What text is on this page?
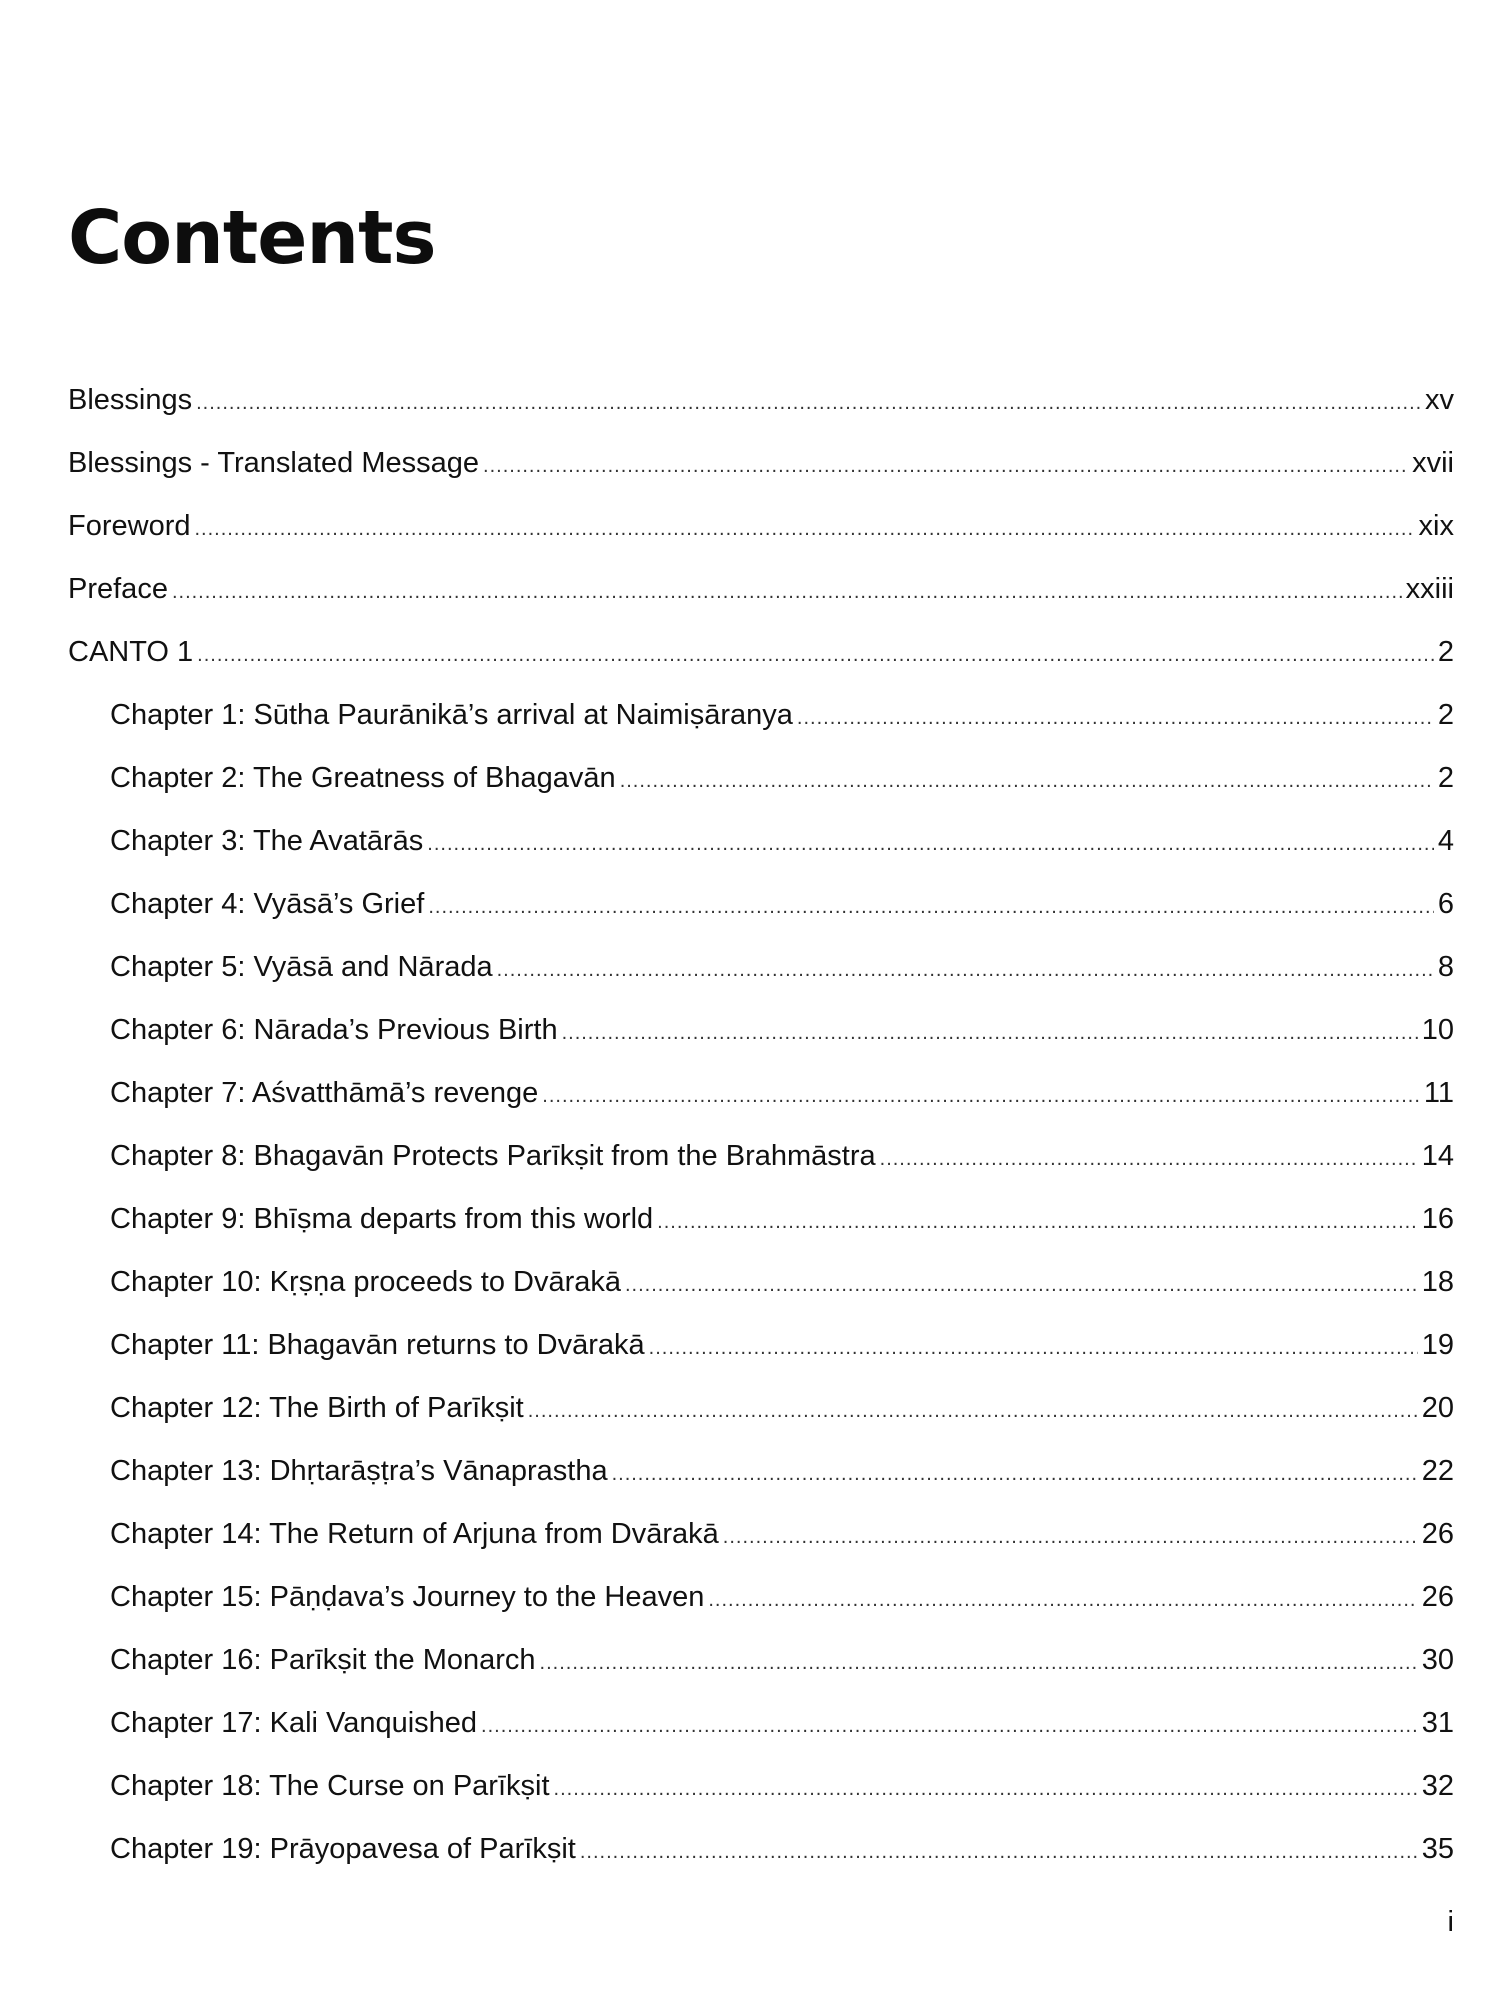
Contents
Blessings .....	xv
Blessings - Translated Message .....	xvii
Foreword .....	xix
Preface .....	xxiii
CANTO 1 .....	2
Chapter 1: Sūtha Paurānikā’s arrival at Naimiṣāranya .....	2
Chapter 2: The Greatness of Bhagavān .....	2
Chapter 3: The Avatārās .....	4
Chapter 4: Vyāsā’s Grief .....	6
Chapter 5: Vyāsā and Nārada .....	8
Chapter 6: Nārada’s Previous Birth .....	10
Chapter 7: Aśvatthāmā’s revenge .....	11
Chapter 8: Bhagavān Protects Parīkṣit from the Brahmāstra .....	14
Chapter 9: Bhīṣma departs from this world .....	16
Chapter 10: Kṛṣṇa proceeds to Dvārakā .....	18
Chapter 11: Bhagavān returns to Dvārakā .....	19
Chapter 12: The Birth of Parīkṣit .....	20
Chapter 13: Dhṛtarāṣṭra’s Vānaprastha .....	22
Chapter 14: The Return of Arjuna from Dvārakā .....	26
Chapter 15: Pāṇḍava’s Journey to the Heaven .....	26
Chapter 16: Parīkṣit the Monarch .....	30
Chapter 17: Kali Vanquished .....	31
Chapter 18: The Curse on Parīkṣit .....	32
Chapter 19: Prāyopavesa of Parīkṣit .....	35
i
